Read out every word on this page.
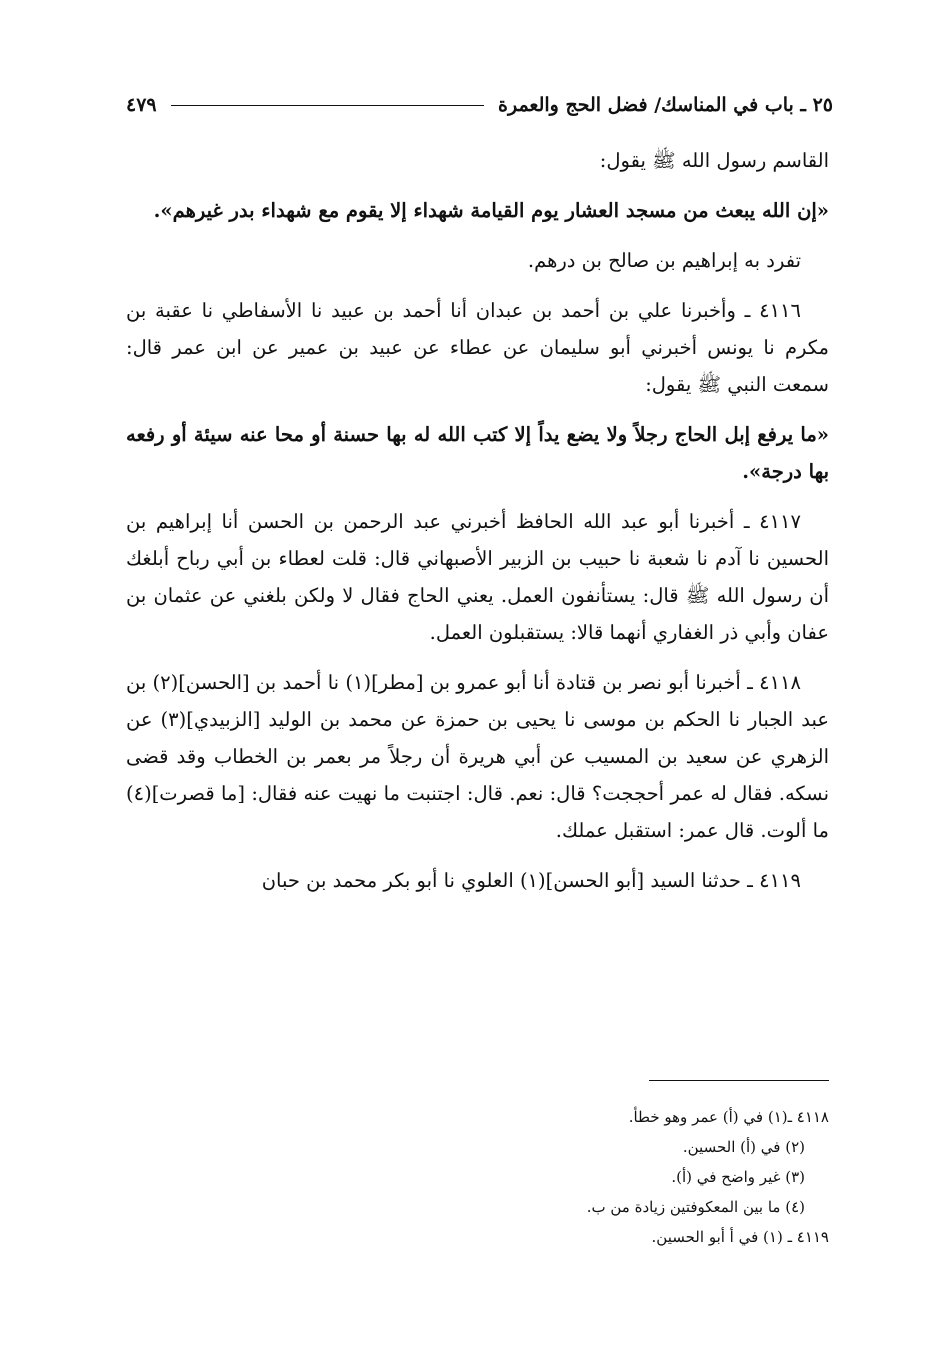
٢٥ ـ باب في المناسك/ فضل الحج والعمرة
٤٧٩

القاسم رسول الله ﷺ يقول:

«إن الله يبعث من مسجد العشار يوم القيامة شهداء إلا يقوم مع شهداء بدر غيرهم».

تفرد به إبراهيم بن صالح بن درهم.

٤١١٦ ـ وأخبرنا علي بن أحمد بن عبدان أنا أحمد بن عبيد نا الأسفاطي نا عقبة بن مكرم نا يونس أخبرني أبو سليمان عن عطاء عن عبيد بن عمير عن ابن عمر قال: سمعت النبي ﷺ يقول:

«ما يرفع إبل الحاج رجلاً ولا يضع يداً إلا كتب الله له بها حسنة أو محا عنه سيئة أو رفعه بها درجة».

٤١١٧ ـ أخبرنا أبو عبد الله الحافظ أخبرني عبد الرحمن بن الحسن أنا إبراهيم بن الحسين نا آدم نا شعبة نا حبيب بن الزبير الأصبهاني قال: قلت لعطاء بن أبي رباح أبلغك أن رسول الله ﷺ قال: يستأنفون العمل. يعني الحاج فقال لا ولكن بلغني عن عثمان بن عفان وأبي ذر الغفاري أنهما قالا: يستقبلون العمل.

٤١١٨ ـ أخبرنا أبو نصر بن قتادة أنا أبو عمرو بن [مطر](١) نا أحمد بن [الحسن](٢) بن عبد الجبار نا الحكم بن موسى نا يحيى بن حمزة عن محمد بن الوليد [الزبيدي](٣) عن الزهري عن سعيد بن المسيب عن أبي هريرة أن رجلاً مر بعمر بن الخطاب وقد قضى نسكه. فقال له عمر أحججت؟ قال: نعم. قال: اجتنبت ما نهيت عنه فقال: [ما قصرت](٤) ما ألوت. قال عمر: استقبل عملك.

٤١١٩ ـ حدثنا السيد [أبو الحسن](١) العلوي نا أبو بكر محمد بن حبان

٤١١٨ ـ(١) في (أ) عمر وهو خطأ.

(٢) في (أ) الحسين.

(٣) غير واضح في (أ).

(٤) ما بين المعكوفتين زيادة من ب.

٤١١٩ ـ (١) في أ أبو الحسين.
